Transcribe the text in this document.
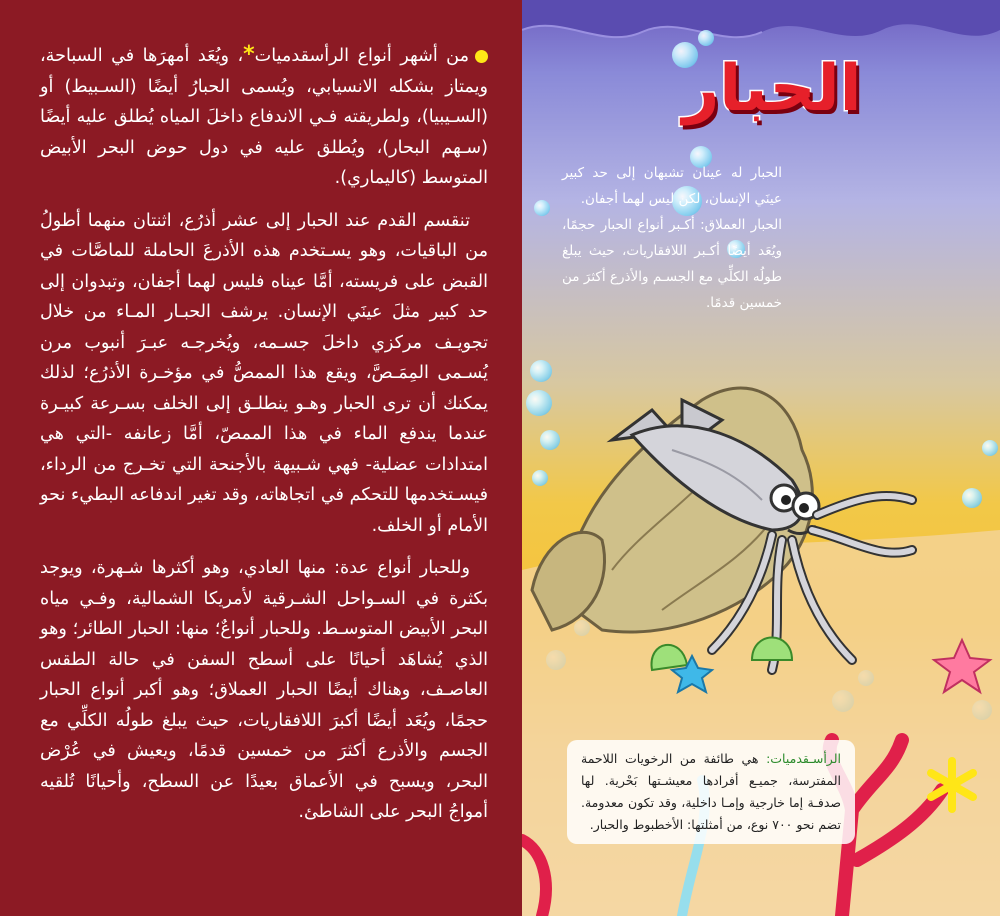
من أشهر أنواع الرأسقدميات*، ويُعَد أمهرَها في السباحة، ويمتاز بشكله الانسيابي، ويُسمى الحبارُ أيضًا (السـبيط) أو (السـيبيا)، ولطريقته فـي الاندفاع داخلَ المياه يُطلق عليه أيضًا (سـهم البحار)، ويُطلق عليه في دول حوض البحر الأبيض المتوسط (كاليماري).

تنقسم القدم عند الحبار إلى عشر أذرُع، اثنتان منهما أطولُ من الباقيات، وهو يسـتخدم هذه الأذرعَ الحاملة للماصَّات في القبض على فريسته، أمَّا عيناه فليس لهما أجفان، وتبدوان إلى حد كبير مثلَ عينَي الإنسان. يرشف الحبـار المـاء من خلال تجويـف مركزي داخلَ جسـمه، ويُخرجـه عبـرَ أنبوب مرن يُسـمى المِمَـصَّ، ويقع هذا الممصُّ في مؤخـرة الأذرُع؛ لذلك يمكنك أن ترى الحبار وهـو ينطلـق إلى الخلف بسـرعة كبيـرة عندما يندفع الماء في هذا الممصّ، أمَّا زعانفه -التي هي امتدادات عضلية- فهي شـبيهة بالأجنحة التي تخـرج من الرداء، فيسـتخدمها للتحكم في اتجاهاته، وقد تغير اندفاعه البطيء نحو الأمام أو الخلف.

وللحبار أنواع عدة: منها العادي، وهو أكثرها شـهرة، ويوجد بكثرة في السـواحل الشـرقية لأمريكا الشمالية، وفـي مياه البحر الأبيض المتوسـط. وللحبار أنواعٌ؛ منها: الحبار الطائر؛ وهو الذي يُشاهَد أحيانًا على أسطح السفن في حالة الطقس العاصـف، وهناك أيضًا الحبار العملاق؛ وهو أكبر أنواع الحبار حجمًا، ويُعَد أيضًا أكبرَ اللافقاريات، حيث يبلغ طولُه الكلِّي مع الجسم والأذرع أكثرَ من خمسين قدمًا، ويعيش في عُرْض البحر، ويسبح في الأعماق بعيدًا عن السطح، وأحيانًا تُلقيه أمواجُ البحر على الشاطئ.

الحبار

الحبار له عينان تشبهان إلى حد كبير عينَي الإنسان، لكن ليس لهما أجفان.

الحبار العملاق: أكـبر أنواع الحبار حجمًا، ويُعَد أيضًا أكـبر اللافقاريات، حيث يبلغ طولُه الكلِّي مع الجسـم والأذرع أكثرَ من خمسين قدمًا.

الرأسـقدميات: هي طائفة من الرخويات اللاحمة المفترسة، جميـع أفرادها معيشـتها بَحْرية. لها صدفـة إما خارجية وإمـا داخلية، وقد تكون معدومة. تضم نحو ٧٠٠ نوع، من أمثلتها: الأخطبوط والحبار.
